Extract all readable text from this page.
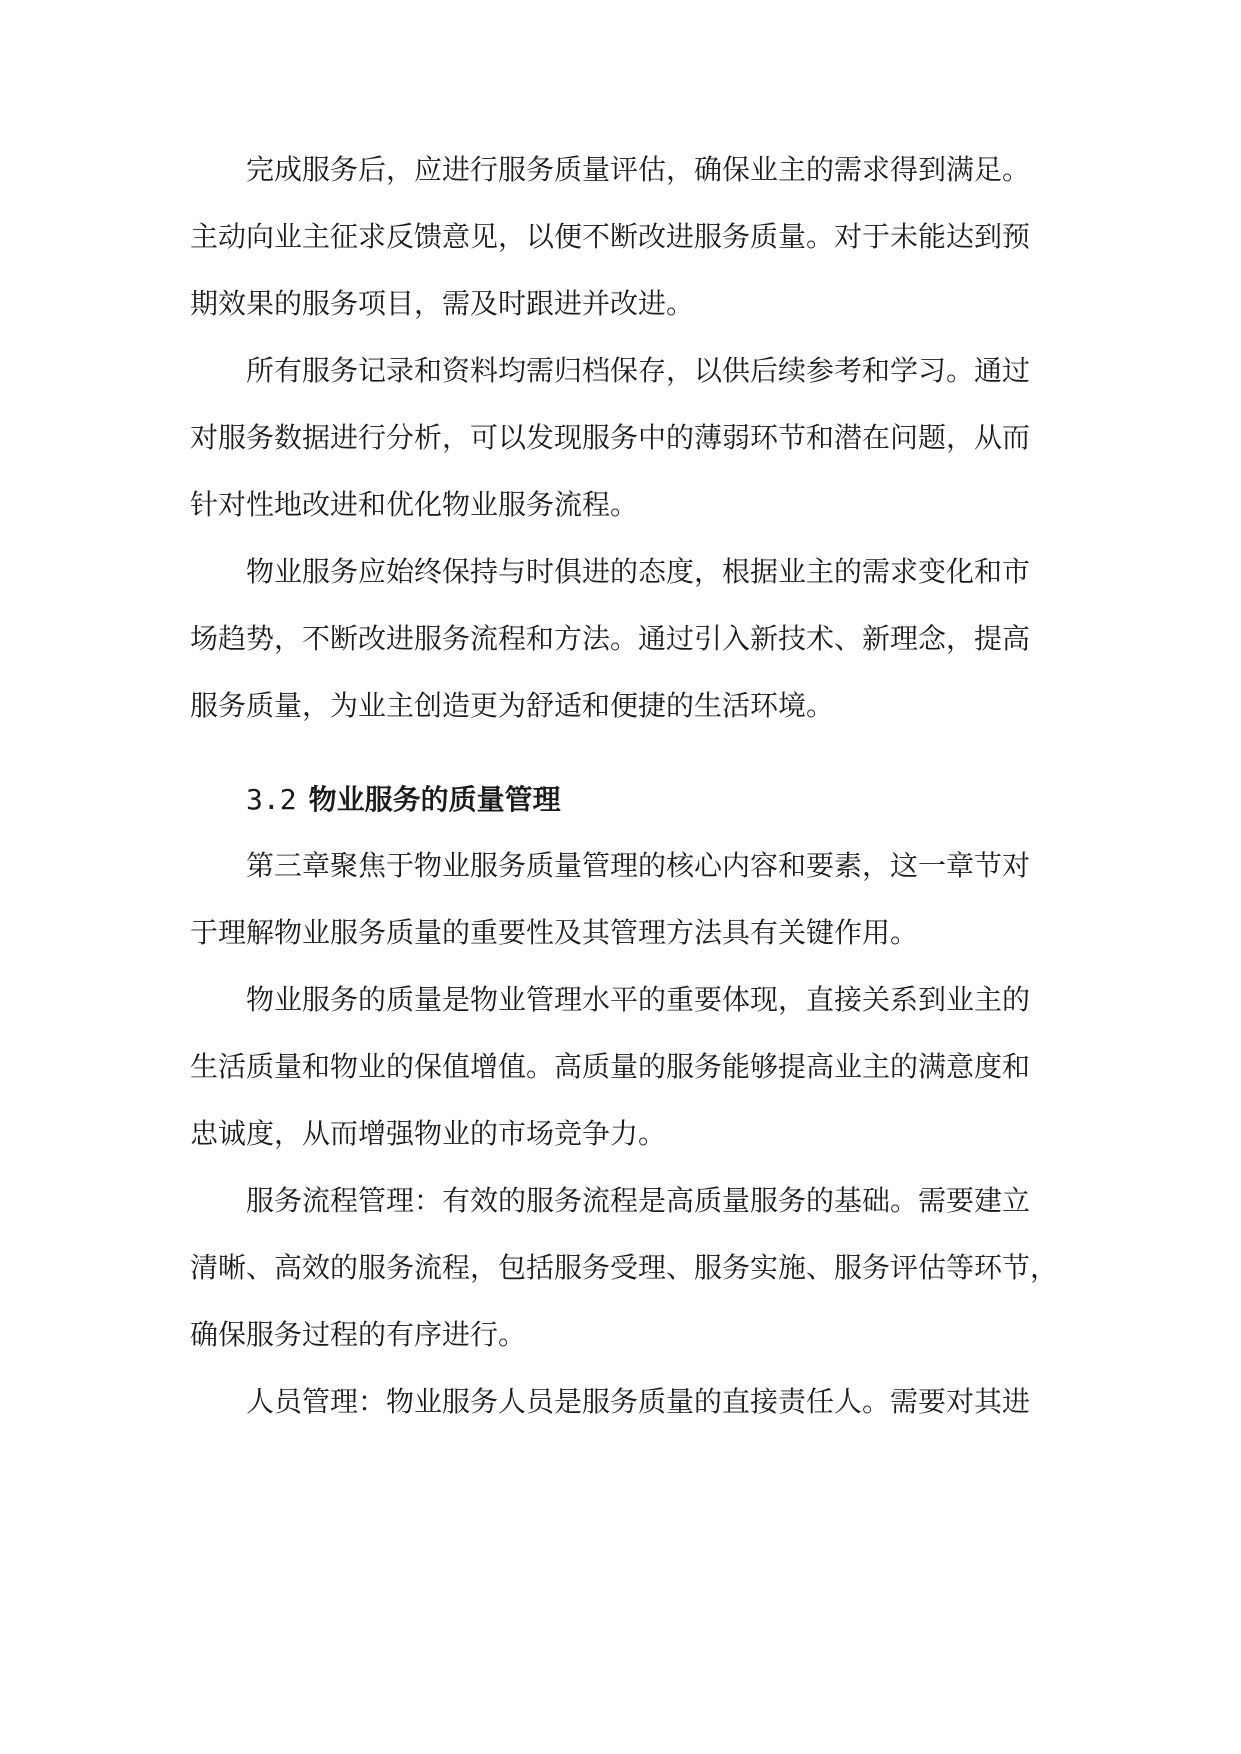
完成服务后，应进行服务质量评估，确保业主的需求得到满足。
主动向业主征求反馈意见，以便不断改进服务质量。对于未能达到预
期效果的服务项目，需及时跟进并改进。
所有服务记录和资料均需归档保存，以供后续参考和学习。通过
对服务数据进行分析，可以发现服务中的薄弱环节和潜在问题，从而
针对性地改进和优化物业服务流程。
物业服务应始终保持与时俱进的态度，根据业主的需求变化和市
场趋势，不断改进服务流程和方法。通过引入新技术、新理念，提高
服务质量，为业主创造更为舒适和便捷的生活环境。
3.2 物业服务的质量管理
第三章聚焦于物业服务质量管理的核心内容和要素，这一章节对
于理解物业服务质量的重要性及其管理方法具有关键作用。
物业服务的质量是物业管理水平的重要体现，直接关系到业主的
生活质量和物业的保值增值。高质量的服务能够提高业主的满意度和
忠诚度，从而增强物业的市场竞争力。
服务流程管理：有效的服务流程是高质量服务的基础。需要建立
清晰、高效的服务流程，包括服务受理、服务实施、服务评估等环节，
确保服务过程的有序进行。
人员管理：物业服务人员是服务质量的直接责任人。需要对其进
